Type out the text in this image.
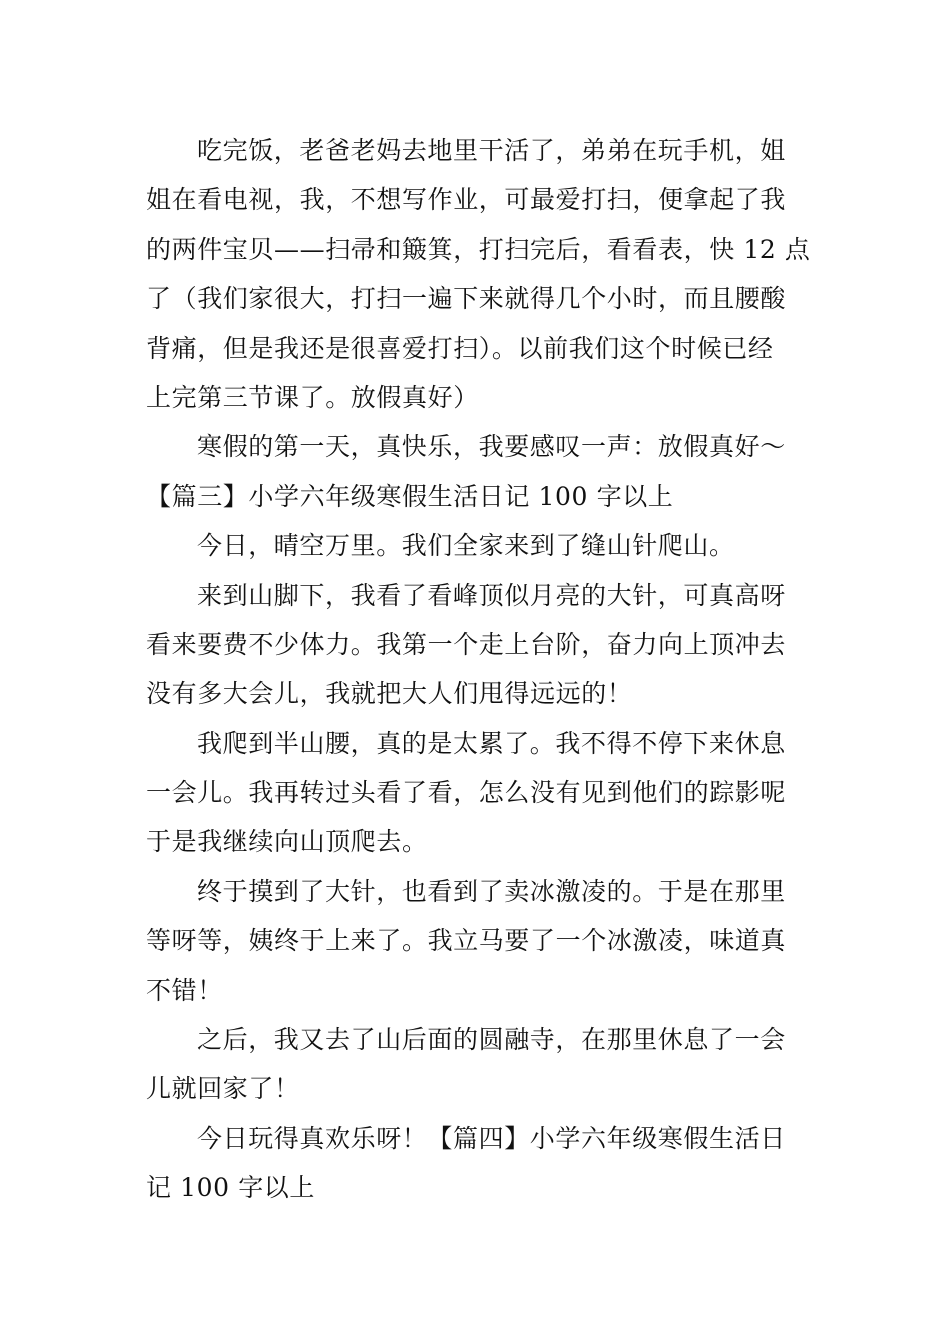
吃完饭，老爸老妈去地里干活了，弟弟在玩手机，姐
姐在看电视，我，不想写作业，可最爱打扫，便拿起了我
的两件宝贝——扫帚和簸箕，打扫完后，看看表，快 12 点
了（我们家很大，打扫一遍下来就得几个小时，而且腰酸
背痛，但是我还是很喜爱打扫）。以前我们这个时候已经
上完第三节课了。放假真好）
寒假的第一天，真快乐，我要感叹一声：放假真好～
【篇三】小学六年级寒假生活日记 100 字以上
今日，晴空万里。我们全家来到了缝山针爬山。
来到山脚下，我看了看峰顶似月亮的大针，可真高呀
看来要费不少体力。我第一个走上台阶，奋力向上顶冲去
没有多大会儿，我就把大人们甩得远远的！
我爬到半山腰，真的是太累了。我不得不停下来休息
一会儿。我再转过头看了看，怎么没有见到他们的踪影呢
于是我继续向山顶爬去。
终于摸到了大针，也看到了卖冰激凌的。于是在那里
等呀等，姨终于上来了。我立马要了一个冰激凌，味道真
不错！
之后，我又去了山后面的圆融寺，在那里休息了一会
儿就回家了！
今日玩得真欢乐呀！【篇四】小学六年级寒假生活日
记 100 字以上
